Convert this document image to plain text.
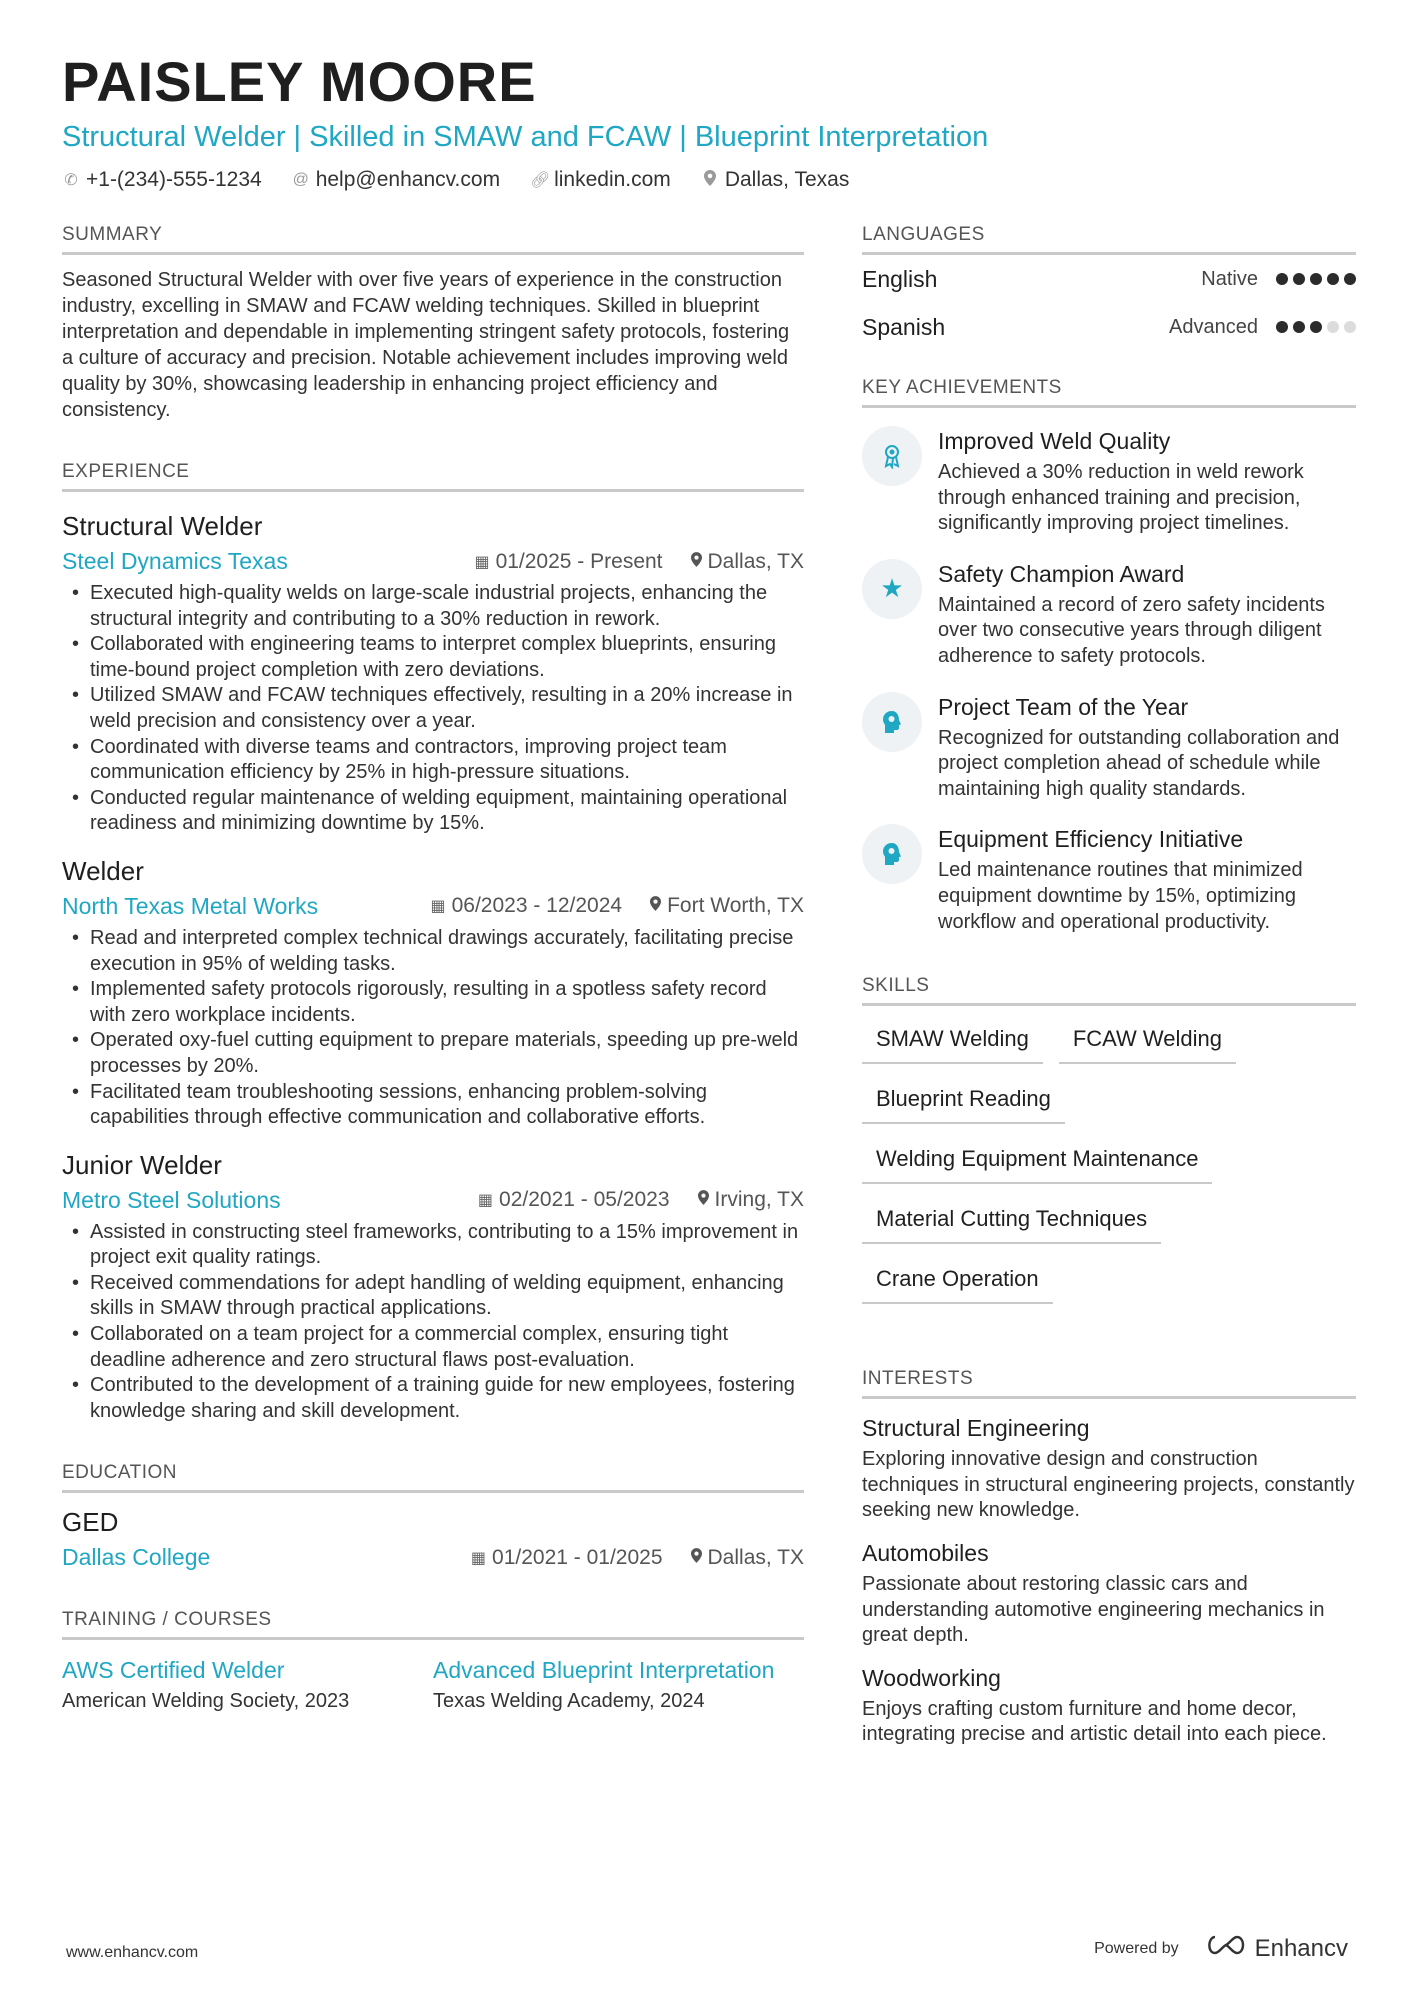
PAISLEY MOORE
Structural Welder | Skilled in SMAW and FCAW | Blueprint Interpretation
✆ +1-(234)-555-1234 @ help@enhancv.com 🔗︎ linkedin.com	Dallas, Texas
SUMMARY
Seasoned Structural Welder with over five years of experience in the construction industry, excelling in SMAW and FCAW welding techniques. Skilled in blueprint interpretation and dependable in implementing stringent safety protocols, fostering a culture of accuracy and precision. Notable achievement includes improving weld quality by 30%, showcasing leadership in enhancing project efficiency and consistency.
EXPERIENCE
Structural Welder
Steel Dynamics Texas	▦ 01/2025 - Present Dallas, TX
• Executed high-quality welds on large-scale industrial projects, enhancing the structural integrity and contributing to a 30% reduction in rework.
• Collaborated with engineering teams to interpret complex blueprints, ensuring time-bound project completion with zero deviations.
• Utilized SMAW and FCAW techniques effectively, resulting in a 20% increase in weld precision and consistency over a year.
• Coordinated with diverse teams and contractors, improving project team communication efficiency by 25% in high-pressure situations.
• Conducted regular maintenance of welding equipment, maintaining operational readiness and minimizing downtime by 15%.
Welder
North Texas Metal Works	▦ 06/2023 - 12/2024 Fort Worth, TX
• Read and interpreted complex technical drawings accurately, facilitating precise execution in 95% of welding tasks.
• Implemented safety protocols rigorously, resulting in a spotless safety record with zero workplace incidents.
• Operated oxy-fuel cutting equipment to prepare materials, speeding up pre-weld processes by 20%.
• Facilitated team troubleshooting sessions, enhancing problem-solving capabilities through effective communication and collaborative efforts.
Junior Welder
Metro Steel Solutions	▦ 02/2021 - 05/2023 Irving, TX
• Assisted in constructing steel frameworks, contributing to a 15% improvement in project exit quality ratings.
• Received commendations for adept handling of welding equipment, enhancing skills in SMAW through practical applications.
• Collaborated on a team project for a commercial complex, ensuring tight deadline adherence and zero structural flaws post-evaluation.
• Contributed to the development of a training guide for new employees, fostering knowledge sharing and skill development.
EDUCATION
GED
Dallas College	▦ 01/2021 - 01/2025 Dallas, TX
TRAINING / COURSES
AWS Certified Welder
American Welding Society, 2023
Advanced Blueprint Interpretation
Texas Welding Academy, 2024
LANGUAGES
English	Native
Spanish	Advanced
KEY ACHIEVEMENTS
Improved Weld Quality
Achieved a 30% reduction in weld rework through enhanced training and precision, significantly improving project timelines.
★	Safety Champion Award
Maintained a record of zero safety incidents over two consecutive years through diligent adherence to safety protocols.
Project Team of the Year
Recognized for outstanding collaboration and project completion ahead of schedule while maintaining high quality standards.
Equipment Efficiency Initiative
Led maintenance routines that minimized equipment downtime by 15%, optimizing workflow and operational productivity.
SKILLS
SMAW Welding	FCAW Welding
Blueprint Reading
Welding Equipment Maintenance
Material Cutting Techniques
Crane Operation
INTERESTS
Structural Engineering
Exploring innovative design and construction techniques in structural engineering projects, constantly seeking new knowledge.
Automobiles
Passionate about restoring classic cars and understanding automotive engineering mechanics in great depth.
Woodworking
Enjoys crafting custom furniture and home decor, integrating precise and artistic detail into each piece.
www.enhancv.com	Powered by	Enhancv
